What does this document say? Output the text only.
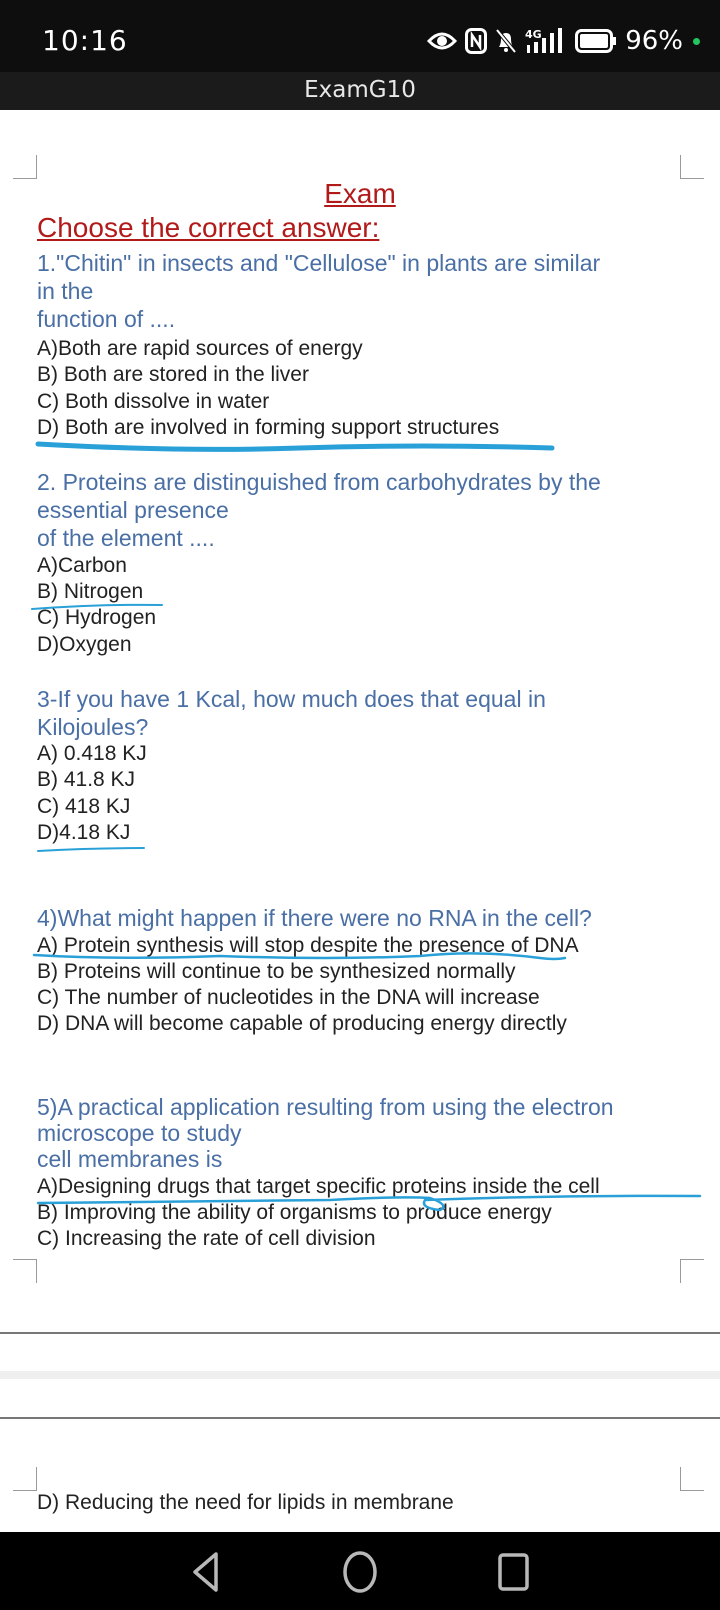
10:16	4G	96%
ExamG10
Exam
Choose the correct answer:
1."Chitin" in insects and "Cellulose" in plants are similar
in the
function of ....
A)Both are rapid sources of energy
B) Both are stored in the liver
C) Both dissolve in water
D) Both are involved in forming support structures
2. Proteins are distinguished from carbohydrates by the
essential presence
of the element ....
A)Carbon
B) Nitrogen
C) Hydrogen
D)Oxygen
3-If you have 1 Kcal, how much does that equal in
Kilojoules?
A) 0.418 KJ
B) 41.8 KJ
C) 418 KJ
D)4.18 KJ
4)What might happen if there were no RNA in the cell?
A) Protein synthesis will stop despite the presence of DNA
B) Proteins will continue to be synthesized normally
C) The number of nucleotides in the DNA will increase
D) DNA will become capable of producing energy directly
5)A practical application resulting from using the electron
microscope to study
cell membranes is
A)Designing drugs that target specific proteins inside the cell
B) Improving the ability of organisms to produce energy
C) Increasing the rate of cell division
D) Reducing the need for lipids in membrane
